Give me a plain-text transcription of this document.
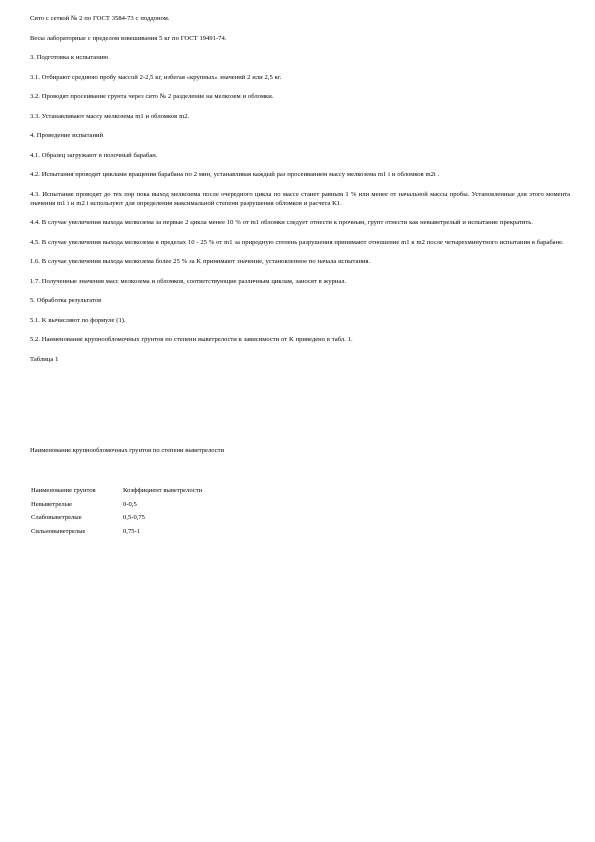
Сито с сеткой № 2 по ГОСТ 3584-73 с поддоном.

Весы лабораторные с пределом взвешивания 5 кг по ГОСТ 19491-74.

3. Подготовка к испытанию

3.1. Отбирают среднюю пробу массой 2-2,5 кг, избегая «крупных» значений 2 или 2,5 кг.

3.2. Проводят просеивание грунта через сито № 2 разделение на мелкозем и обломки.

3.3. Устанавливают массу мелкозема m1 и обломков m2.

4. Проведение испытаний

4.1. Образец загружают в полочный барабан.

4.2. Испытания проводят циклами вращения барабана по 2 мин, устанавливая каждый раз просеиванием массу мелкозема m1 i и обломков m2i .

4.3. Испытание проводят до тех пор пока выход мелкозема после очередного цикла по массе станет равным 1 % или менее от начальной массы пробы. Установленные для этого момента значения m1 i и m2 i используют для определения максимальной степени разрушения обломков и расчета K1.

4.4. В случае увеличения выхода мелкозема за первые 2 цикла менее 10 % от m1 обломки следует отнести к прочным, грунт отнести как невыветрелый и испытание прекратить.

4.5. В случае увеличения выхода мелкозема в пределах 10 - 25 % от m1 за природную степень разрушения принимают отношение m1 к m2 после четырехминутного испытания в барабане.

1.6. В случае увеличения выхода мелкозема более 25 % за K принимают значение, установленное по начала испытания.

1.7. Полученные значения масс мелкозема и обломков, соответствующие различным циклам, заносят в журнал.

5. Обработка результатов

5.1. K вычисляют по формуле (1).

5.2. Наименование крупнообломочных грунтов по степени выветрелости в зависимости от K приведено в табл. 1.

Таблица 1

Наименование крупнообломочных грунтов по степени выветрелости
Наименование грунтов	Коэффициент выветрелости
Невыветрелые	0-0,5
Слабовыветрелые	0,5-0,75
Сильновыветрелые	0,75-1
